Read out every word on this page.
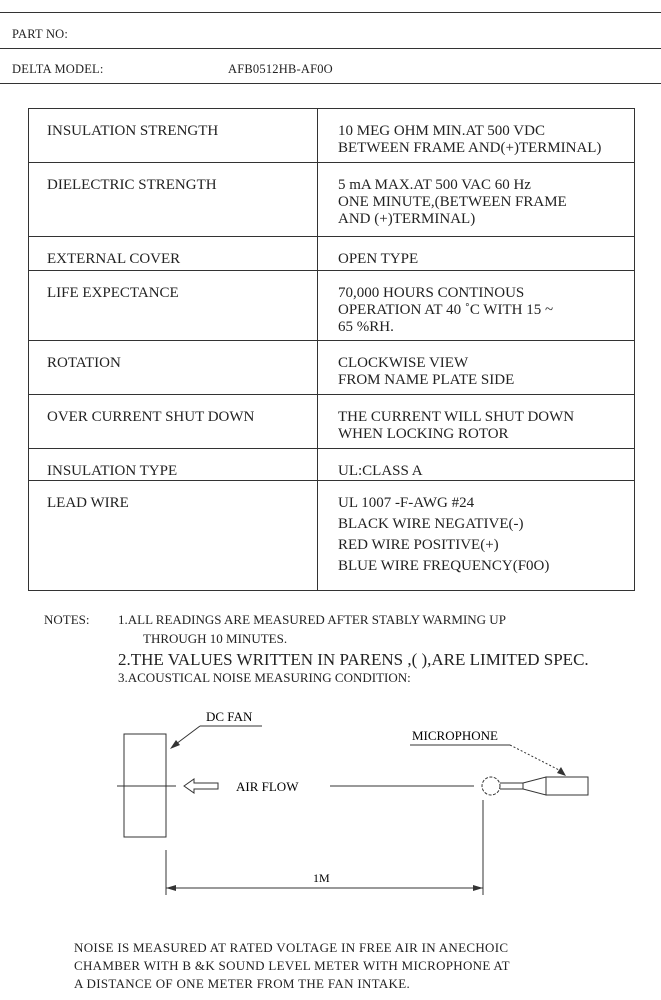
PART NO:
DELTA MODEL:	AFB0512HB-AF0O
INSULATION STRENGTH	10 MEG OHM MIN.AT 500 VDC
BETWEEN FRAME AND(+)TERMINAL)

DIELECTRIC STRENGTH	5 mA MAX.AT 500 VAC 60 Hz
ONE MINUTE,(BETWEEN FRAME
AND (+)TERMINAL)

EXTERNAL COVER	OPEN TYPE

LIFE EXPECTANCE	70,000 HOURS CONTINOUS
OPERATION AT 40 ˚C WITH 15 ~
65 %RH.

ROTATION	CLOCKWISE VIEW
FROM NAME PLATE SIDE

OVER CURRENT SHUT DOWN	THE CURRENT WILL SHUT DOWN
WHEN LOCKING ROTOR

INSULATION TYPE	UL:CLASS A

LEAD WIRE	UL 1007 -F-AWG #24
BLACK WIRE NEGATIVE(-)
RED WIRE POSITIVE(+)
BLUE WIRE FREQUENCY(F0O)
NOTES: 1.ALL READINGS ARE MEASURED AFTER STABLY WARMING UP
THROUGH 10 MINUTES.
2.THE VALUES WRITTEN IN PARENS ,( ),ARE LIMITED SPEC.
3.ACOUSTICAL NOISE MEASURING CONDITION:
DC FAN
AIR FLOW
MICROPHONE
1M
NOISE IS MEASURED AT RATED VOLTAGE IN FREE AIR IN ANECHOIC
CHAMBER WITH B &K SOUND LEVEL METER WITH MICROPHONE AT
A DISTANCE OF ONE METER FROM THE FAN INTAKE.
